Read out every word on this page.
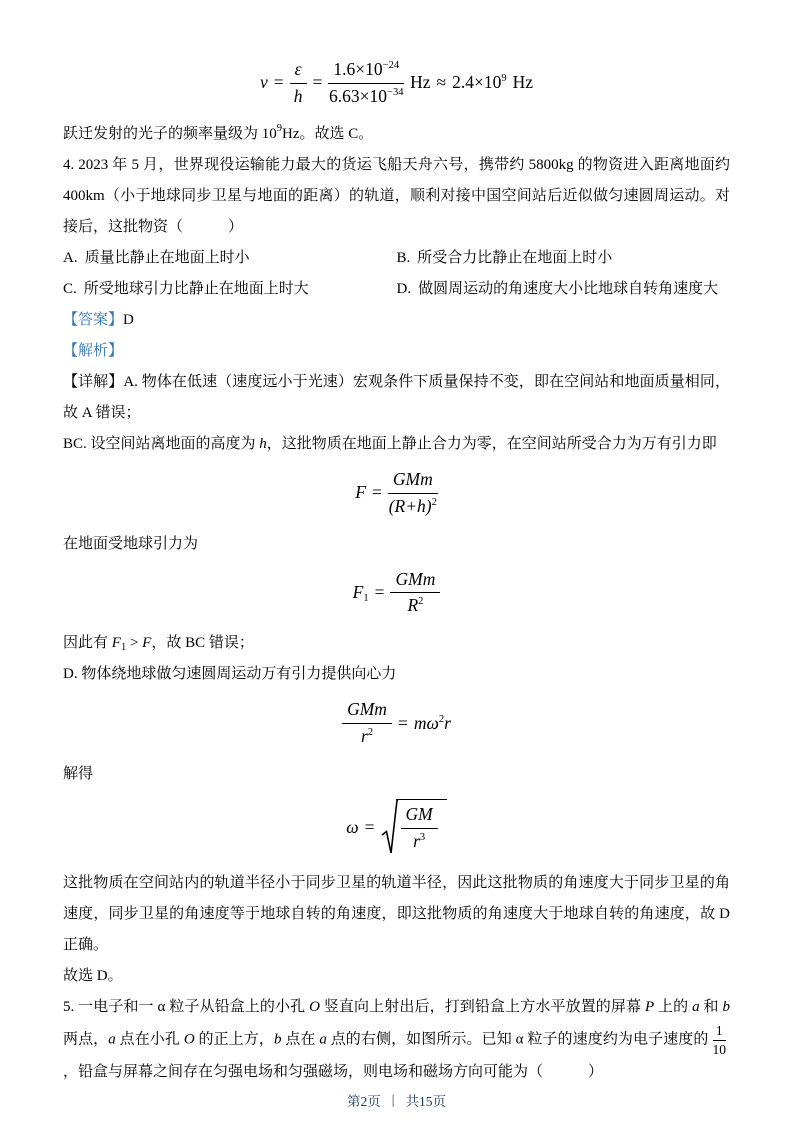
$\nu = \frac{\varepsilon}{h} = \frac{1.6\times 10^{-24}}{6.63\times 10^{-34}}$ $Hz \approx 2.4\times 10^9$ Hz

跃迁发射的光子的频率量级为 $10^9Hz$。故选 C。

4. 2023 年 5 月，世界现役运输能力最大的货运飞船天舟六号，携带约 5800kg 的物资进入距离地面约 400km（小于地球同步卫星与地面的距离）的轨道，顺利对接中国空间站后近似做匀速圆周运动。对接后，这批物资（　　　）

A. 质量比静止在地面上时小	B. 所受合力比静止在地面上时小
C. 所受地球引力比静止在地面上时大	D. 做圆周运动的角速度大小比地球自转角速度大

【答案】D

【解析】

【详解】A. 物体在低速（速度远小于光速）宏观条件下质量保持不变，即在空间站和地面质量相同，故 A 错误；

BC. 设空间站离地面的高度为 h，这批物质在地面上静止合力为零，在空间站所受合力为万有引力即

$F = \frac{\text{GMm}}{(R+h)^2}$

在地面受地球引力为

$F_1 = \frac{\text{GMm}}{R^2}$

因此有 $F_1 > F$，故 BC 错误；

D. 物体绕地球做匀速圆周运动万有引力提供向心力

$\frac{\text{GMm}}{r^2} = m\omega^2r$

解得

$\omega = \frac{GM}{r^3}$

这批物质在空间站内的轨道半径小于同步卫星的轨道半径，因此这批物质的角速度大于同步卫星的角速度，同步卫星的角速度等于地球自转的角速度，即这批物质的角速度大于地球自转的角速度，故 D 正确。

故选 D。

5. 一电子和一 α 粒子从铅盒上的小孔 O 竖直向上射出后，打到铅盒上方水平放置的屏幕 P 上的 a 和 b 两点，a 点在小孔 O 的正上方，b 点在 a 点的右侧，如图所示。已知 α 粒子的速度约为电子速度的 $\frac{1}{10}$
，铅盒与屏幕之间存在匀强电场和匀强磁场，则电场和磁场方向可能为（　　　）

第2页 | 共15页
